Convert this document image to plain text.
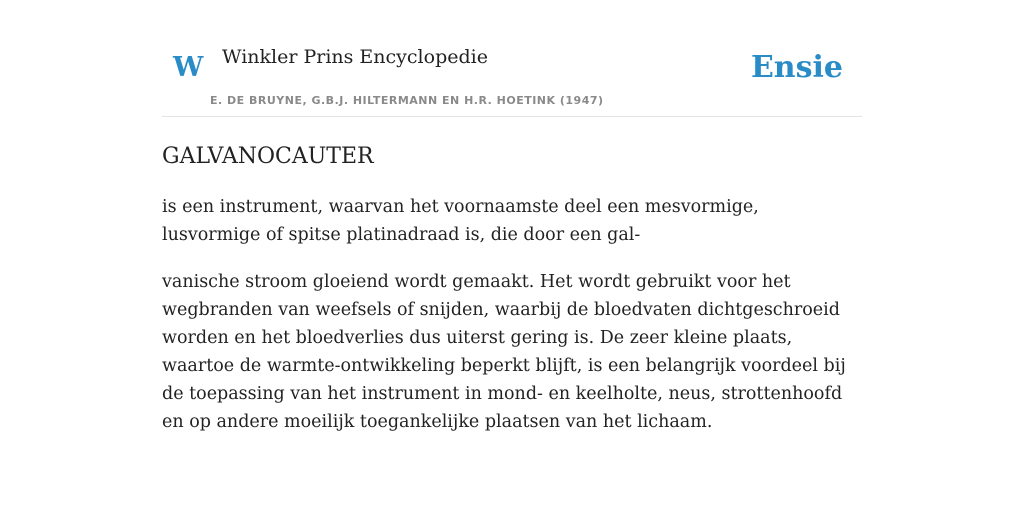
W Winkler Prins Encyclopedie
E. DE BRUYNE, G.B.J. HILTERMANN EN H.R. HOETINK (1947)
Ensie
GALVANOCAUTER

is een instrument, waarvan het voornaamste deel een mesvormige, lusvormige of spitse platinadraad is, die door een gal-

vanische stroom gloeiend wordt gemaakt. Het wordt gebruikt voor het wegbranden van weefsels of snijden, waarbij de bloedvaten dichtgeschroeid worden en het bloedverlies dus uiterst gering is. De zeer kleine plaats, waartoe de warmte-ontwikkeling beperkt blijft, is een belangrijk voordeel bij de toepassing van het instrument in mond- en keelholte, neus, strottenhoofd en op andere moeilijk toegankelijke plaatsen van het lichaam.
